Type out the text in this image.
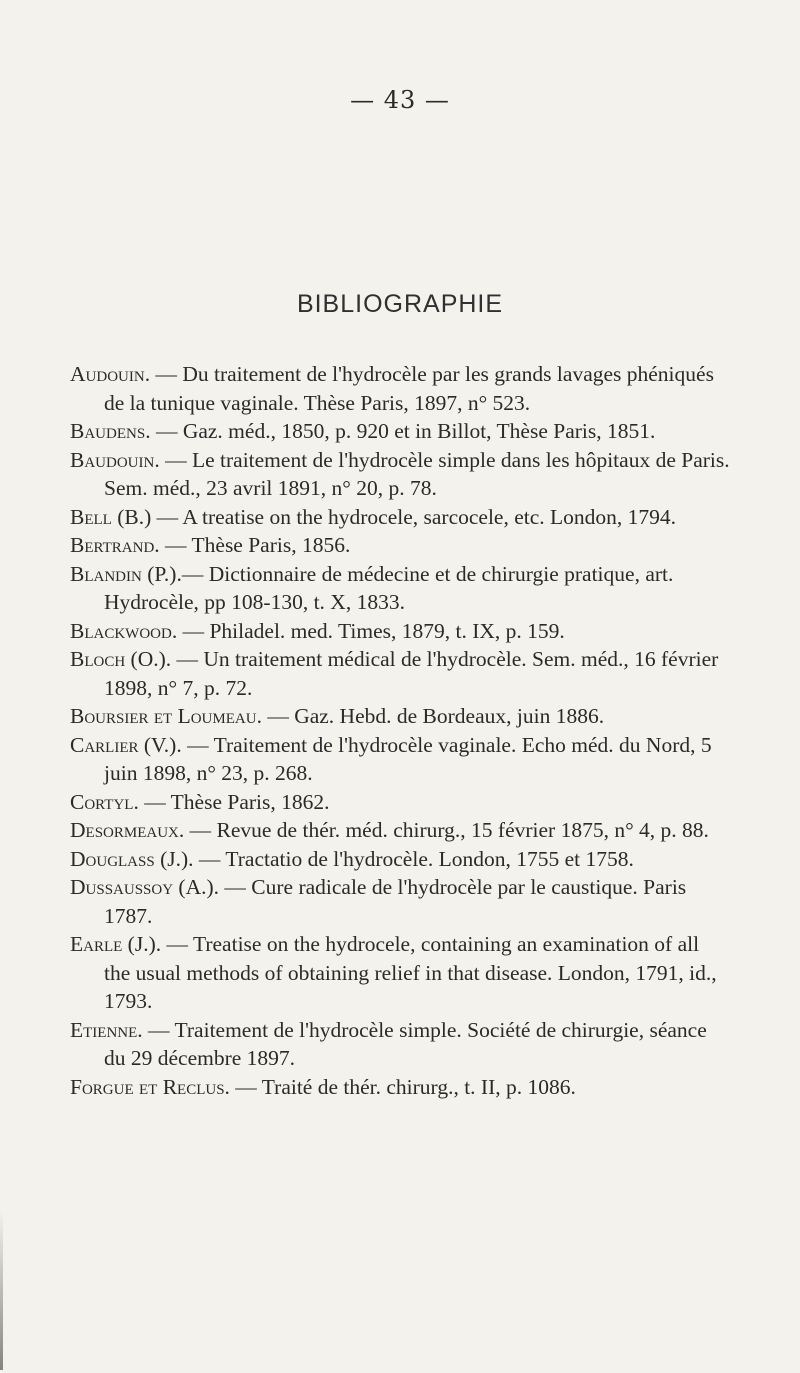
— 43 —
BIBLIOGRAPHIE
Audouin. — Du traitement de l'hydrocèle par les grands lavages phéniqués de la tunique vaginale. Thèse Paris, 1897, n° 523.
Baudens. — Gaz. méd., 1850, p. 920 et in Billot, Thèse Paris, 1851.
Baudouin. — Le traitement de l'hydrocèle simple dans les hôpitaux de Paris. Sem. méd., 23 avril 1891, n° 20, p. 78.
Bell (B.) — A treatise on the hydrocele, sarcocele, etc. London, 1794.
Bertrand. — Thèse Paris, 1856.
Blandin (P.).— Dictionnaire de médecine et de chirurgie pratique, art. Hydrocèle, pp 108-130, t. X, 1833.
Blackwood. — Philadel. med. Times, 1879, t. IX, p. 159.
Bloch (O.). — Un traitement médical de l'hydrocèle. Sem. méd., 16 février 1898, n° 7, p. 72.
Boursier et Loumeau. — Gaz. Hebd. de Bordeaux, juin 1886.
Carlier (V.). — Traitement de l'hydrocèle vaginale. Echo méd. du Nord, 5 juin 1898, n° 23, p. 268.
Cortyl. — Thèse Paris, 1862.
Desormeaux. — Revue de thér. méd. chirurg., 15 février 1875, n° 4, p. 88.
Douglass (J.). — Tractatio de l'hydrocèle. London, 1755 et 1758.
Dussaussoy (A.). — Cure radicale de l'hydrocèle par le caustique. Paris 1787.
Earle (J.). — Treatise on the hydrocele, containing an examination of all the usual methods of obtaining relief in that disease. London, 1791, id., 1793.
Etienne. — Traitement de l'hydrocèle simple. Société de chirurgie, séance du 29 décembre 1897.
Forgue et Reclus. — Traité de thér. chirurg., t. II, p. 1086.
